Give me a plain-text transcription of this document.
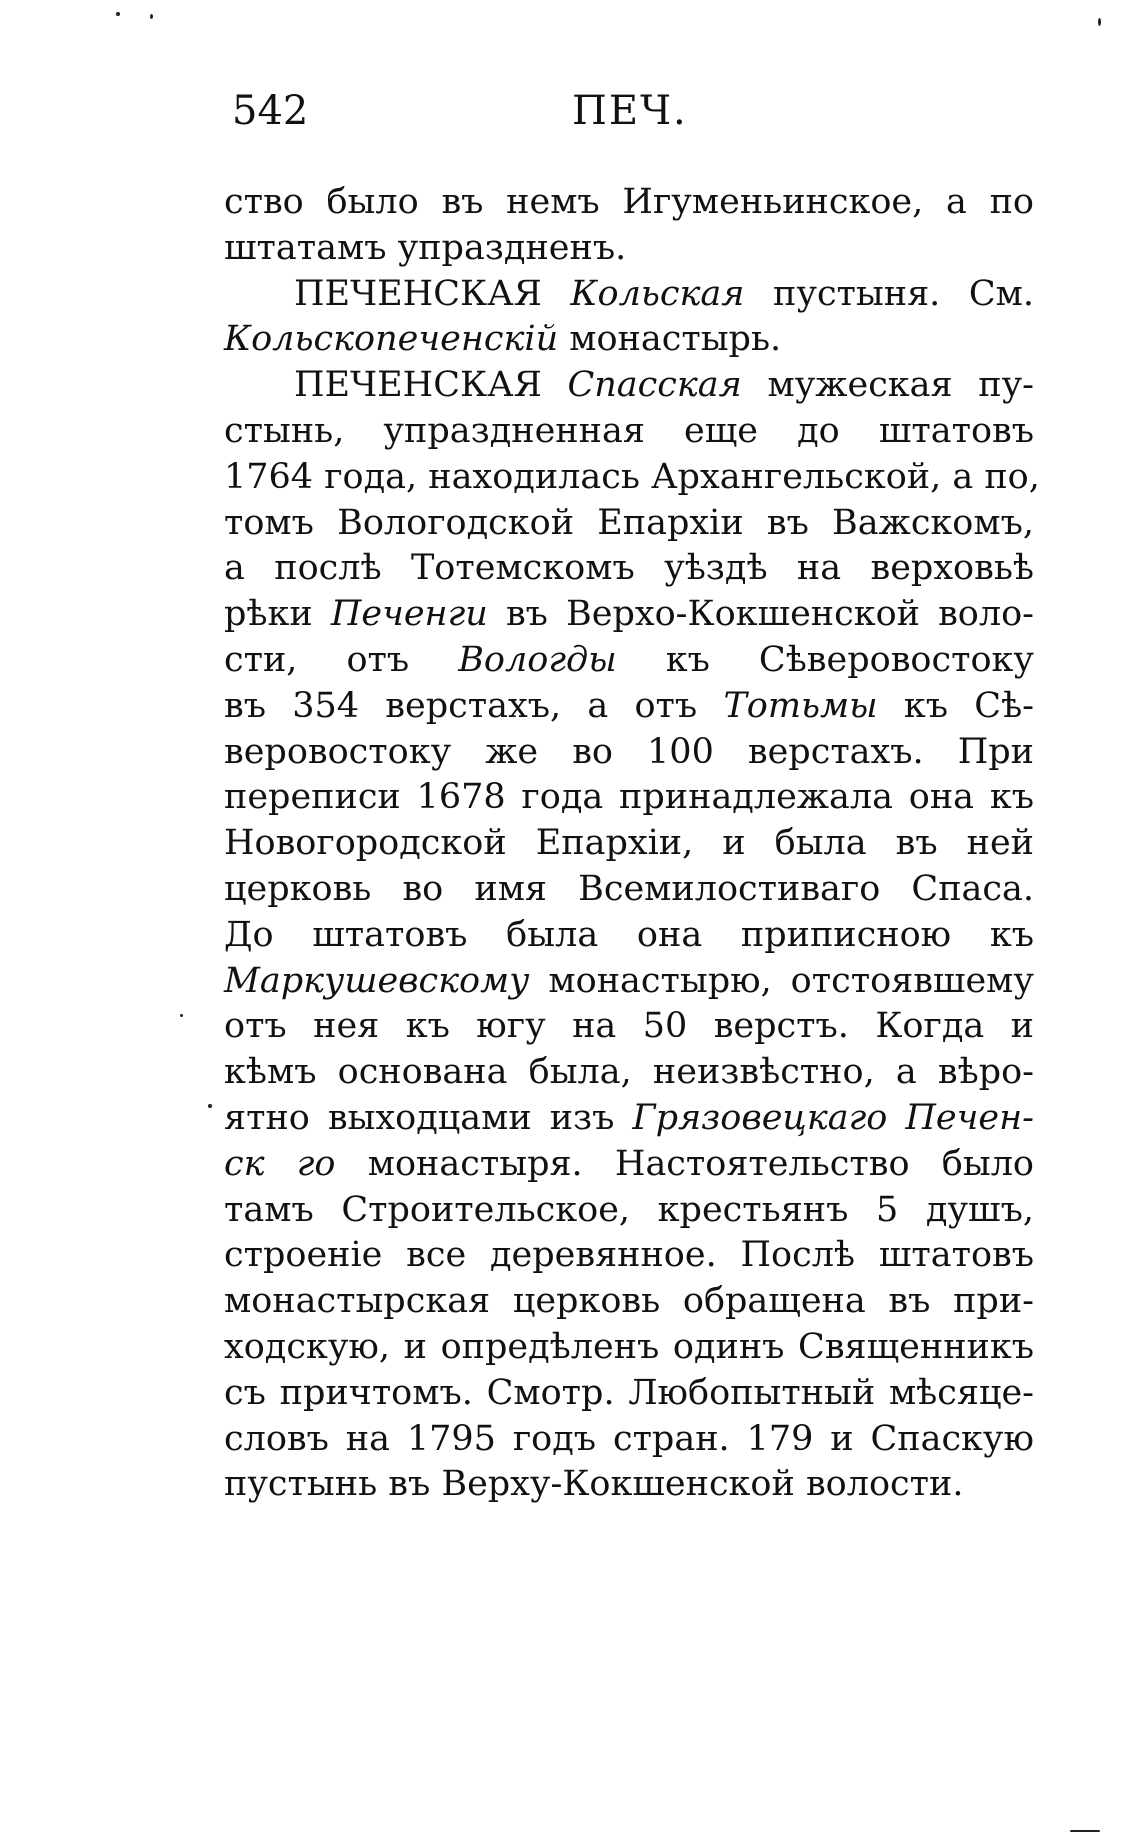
542	ПЕЧ.
ство было въ немъ Игуменьинское, а по
штатамъ упраздненъ.
ПЕЧЕНСКАЯ Кольская пустыня. См.
Кольскопеченскій монастырь.
ПЕЧЕНСКАЯ Спасская мужеская пу-
стынь, упраздненная еще до штатовъ
1764 года, находилась Архангельской, а по,
томъ Вологодской Епархіи въ Важскомъ,
а послѣ Тотемскомъ уѣздѣ на верховьѣ
рѣки Печенги въ Верхо-Кокшенской воло-
сти, отъ Вологды къ Сѣверовостоку
въ 354 верстахъ, а отъ Тотьмы къ Сѣ-
веровостоку же во 100 верстахъ. При
переписи 1678 года принадлежала она къ
Новогородской Епархіи, и была въ ней
церковь во имя Всемилостиваго Спаса.
До штатовъ была она приписною къ
Маркушевскому монастырю, отстоявшему
отъ нея къ югу на 50 верстъ. Когда и
кѣмъ основана была, неизвѣстно, а вѣро-
ятно выходцами изъ Грязовецкаго Печен-
ск го монастыря. Настоятельство было
тамъ Строительское, крестьянъ 5 душъ,
строеніе все деревянное. Послѣ штатовъ
монастырская церковь обращена въ при-
ходскую, и опредѣленъ одинъ Священникъ
съ причтомъ. Смотр. Любопытный мѣсяце-
словъ на 1795 годъ стран. 179 и Спаскую
пустынь въ Верху-Кокшенской волости.
